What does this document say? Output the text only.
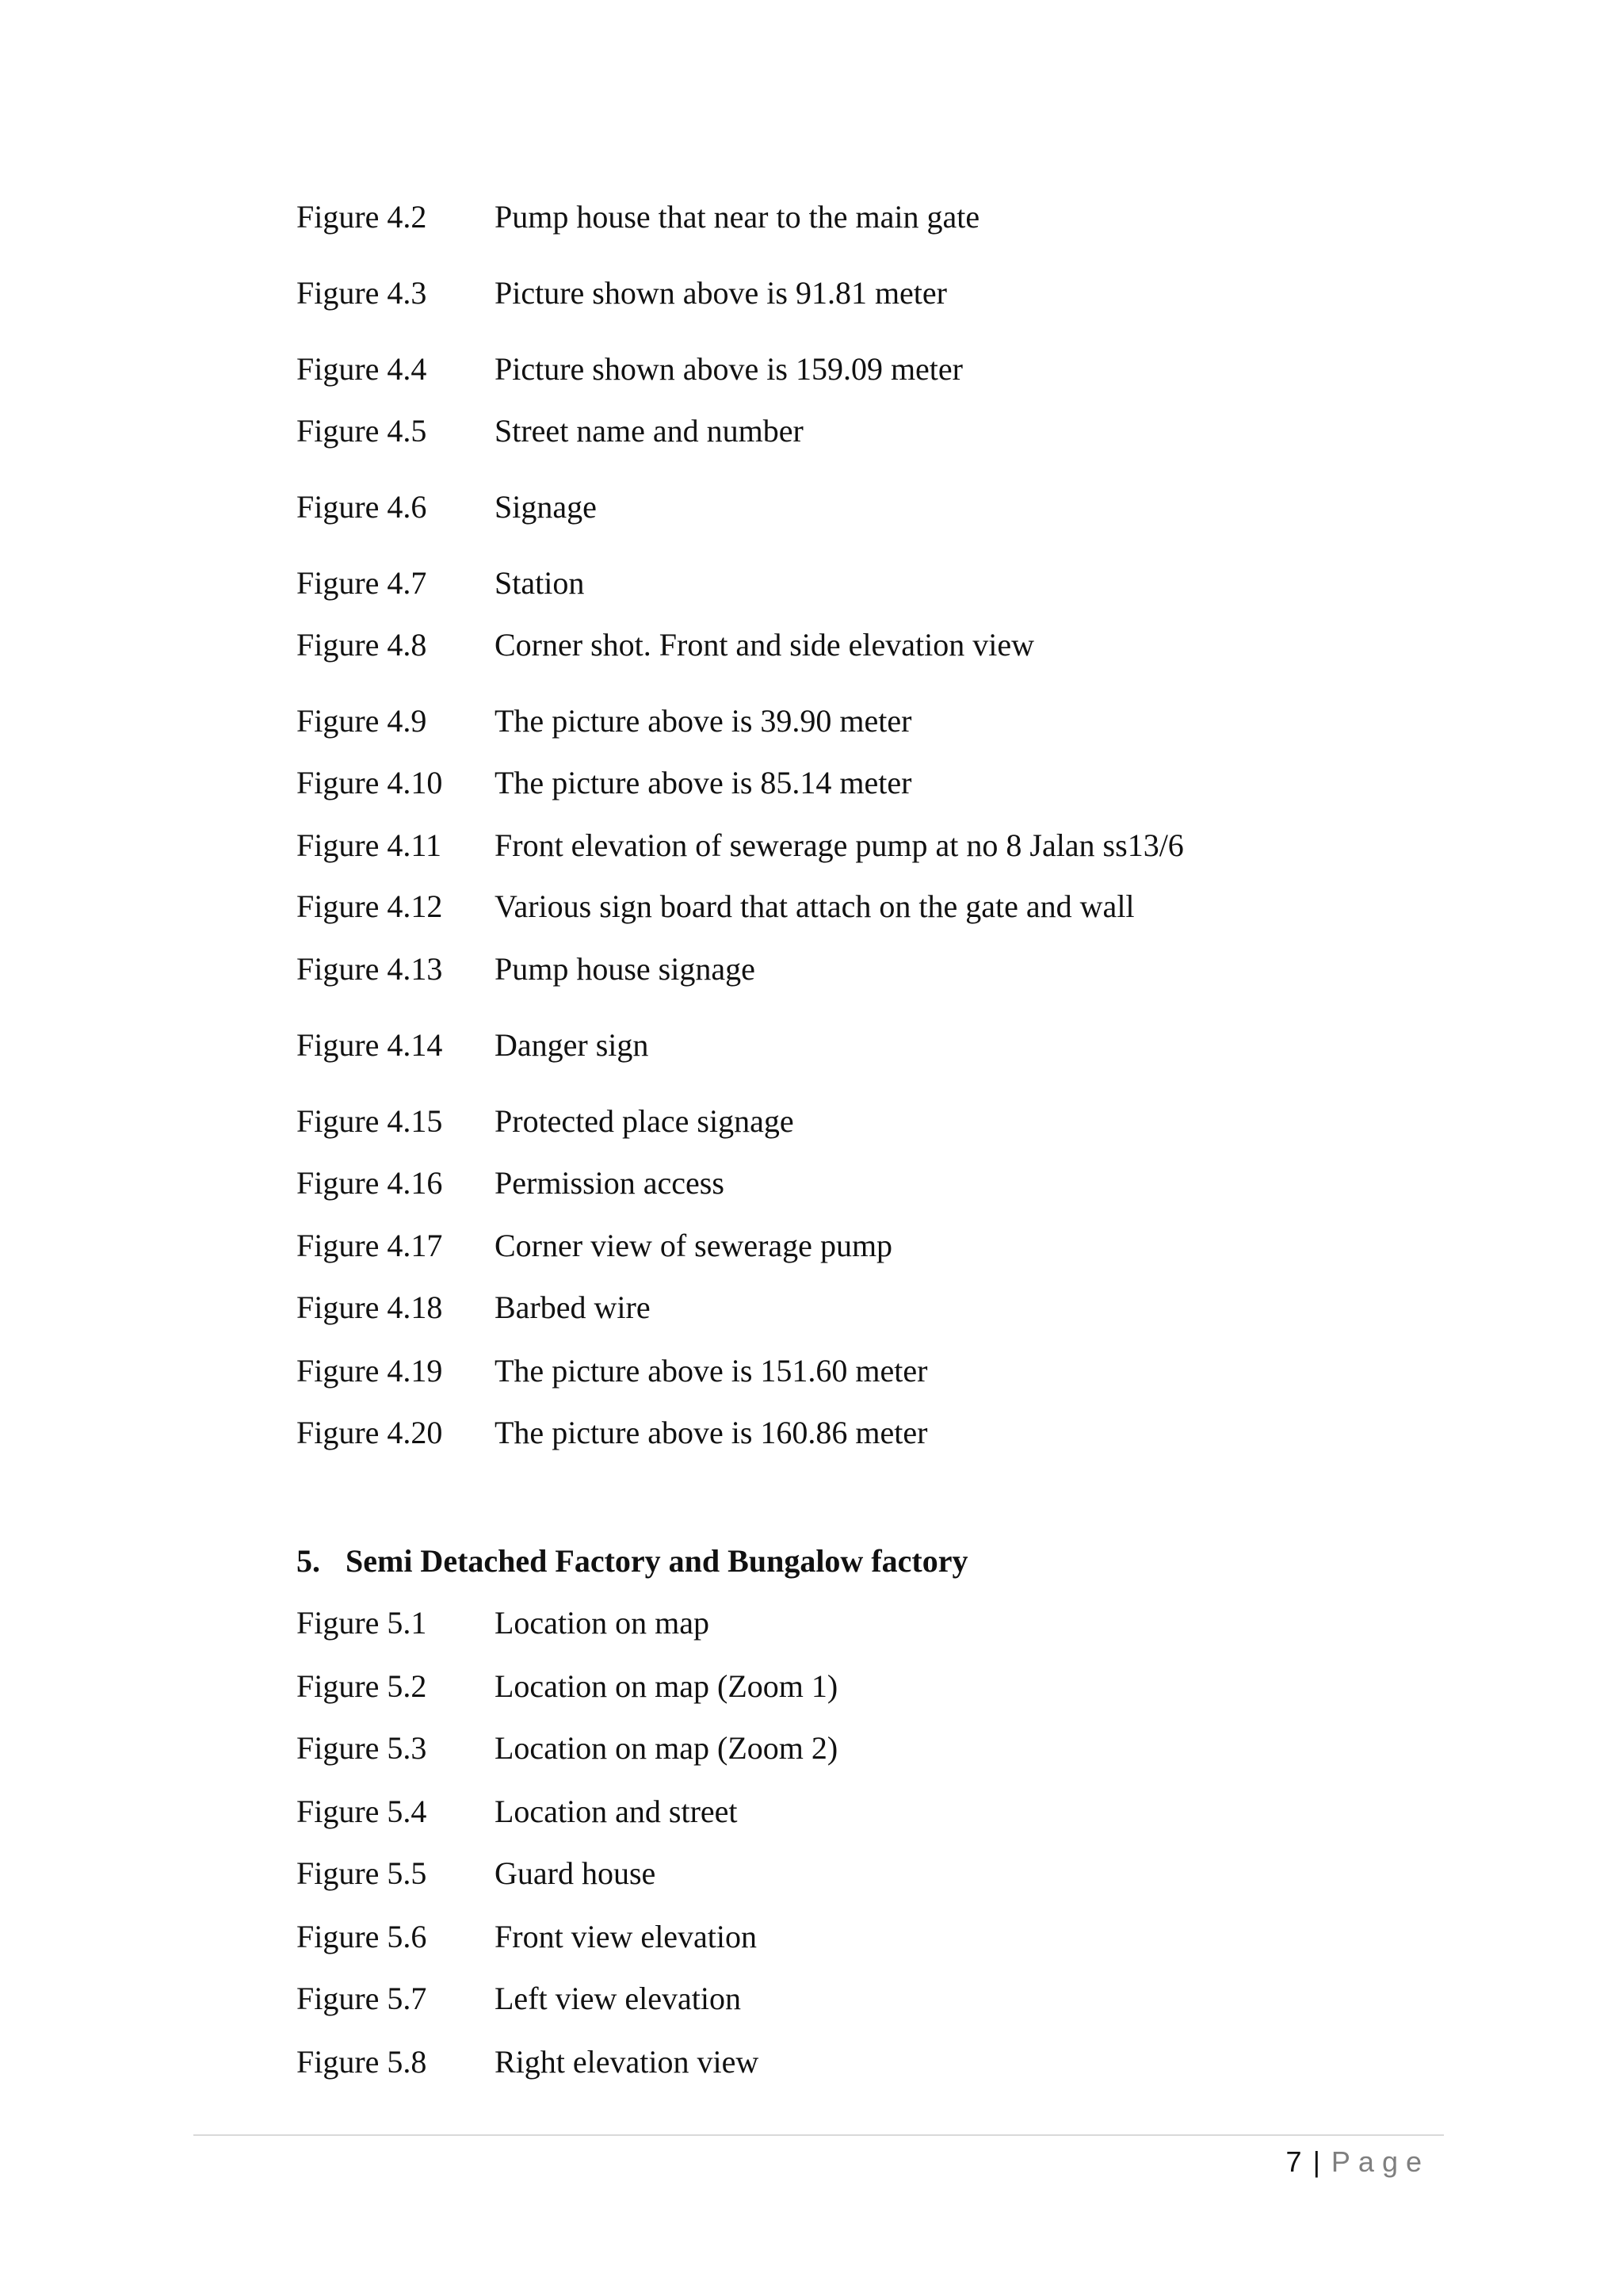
Figure 4.2 Pump house that near to the main gate
Figure 4.3 Picture shown above is 91.81 meter
Figure 4.4 Picture shown above is 159.09 meter
Figure 4.5 Street name and number
Figure 4.6 Signage
Figure 4.7 Station
Figure 4.8 Corner shot. Front and side elevation view
Figure 4.9 The picture above is 39.90 meter
Figure 4.10 The picture above is 85.14 meter
Figure 4.11 Front elevation of sewerage pump at no 8 Jalan ss13/6
Figure 4.12 Various sign board that attach on the gate and wall
Figure 4.13 Pump house signage
Figure 4.14 Danger sign
Figure 4.15 Protected place signage
Figure 4.16 Permission access
Figure 4.17 Corner view of sewerage pump
Figure 4.18 Barbed wire
Figure 4.19 The picture above is 151.60 meter
Figure 4.20 The picture above is 160.86 meter
5. Semi Detached Factory and Bungalow factory
Figure 5.1 Location on map
Figure 5.2 Location on map (Zoom 1)
Figure 5.3 Location on map (Zoom 2)
Figure 5.4 Location and street
Figure 5.5 Guard house
Figure 5.6 Front view elevation
Figure 5.7 Left view elevation
Figure 5.8 Right elevation view
7 | Page
